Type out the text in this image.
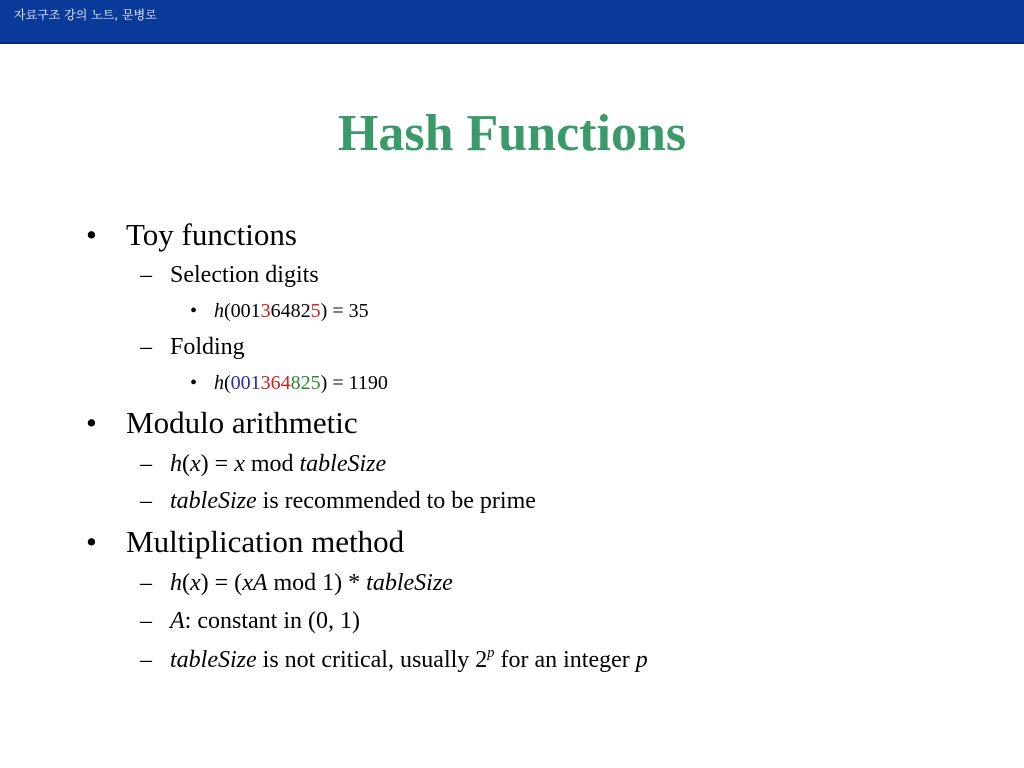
자료구조 강의 노트, 문병로
Hash Functions
• Toy functions
– Selection digits
• h(001364825) = 35
– Folding
• h(001364825) = 1190
• Modulo arithmetic
– h(x) = x mod tableSize
– tableSize is recommended to be prime
• Multiplication method
– h(x) = (xA mod 1) * tableSize
– A: constant in (0, 1)
– tableSize is not critical, usually 2$^p$ for an integer p
